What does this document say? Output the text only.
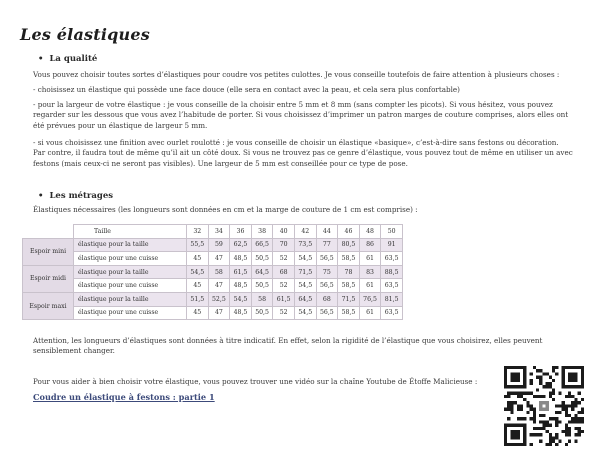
Les élastiques
• La qualité
Vous pouvez choisir toutes sortes d’élastiques pour coudre vos petites culottes. Je vous conseille toutefois de faire attention à plusieurs choses :
- choisissez un élastique qui possède une face douce (elle sera en contact avec la peau, et cela sera plus confortable)
- pour la largeur de votre élastique : je vous conseille de la choisir entre 5 mm et 8 mm (sans compter les picots). Si vous hésitez, vous pouvez regarder sur les dessous que vous avez l’habitude de porter. Si vous choisissez d’imprimer un patron marges de couture comprises, alors elles ont été prévues pour un élastique de largeur 5 mm.
- si vous choisissez une finition avec ourlet roulotté : je vous conseille de choisir un élastique «basique», c’est-à-dire sans festons ou décoration. Par contre, il faudra tout de même qu’il ait un côté doux. Si vous ne trouvez pas ce genre d’élastique, vous pouvez tout de même en utiliser un avec festons (mais ceux-ci ne seront pas visibles). Une largeur de 5 mm est conseillée pour ce type de pose.
• Les métrages
Élastiques nécessaires (les longueurs sont données en cm et la marge de couture de 1 cm est comprise) :
	Taille	32	34	36	38	40	42	44	46	48	50
Espoir mini	élastique pour la taille	55,5	59	62,5	66,5	70	73,5	77	80,5	86	91
	élastique pour une cuisse	45	47	48,5	50,5	52	54,5	56,5	58,5	61	63,5
Espoir midi	élastique pour la taille	54,5	58	61,5	64,5	68	71,5	75	78	83	88,5
	élastique pour une cuisse	45	47	48,5	50,5	52	54,5	56,5	58,5	61	63,5
Espoir maxi	élastique pour la taille	51,5	52,5	54,5	58	61,5	64,5	68	71,5	76,5	81,5
	élastique pour une cuisse	45	47	48,5	50,5	52	54,5	56,5	58,5	61	63,5
Attention, les longueurs d’élastiques sont données à titre indicatif. En effet, selon la rigidité de l’élastique que vous choisirez, elles peuvent sensiblement changer.
Pour vous aider à bien choisir votre élastique, vous pouvez trouver une vidéo sur la chaîne Youtube de Étoffe Malicieuse :
Coudre un élastique à festons : partie 1
